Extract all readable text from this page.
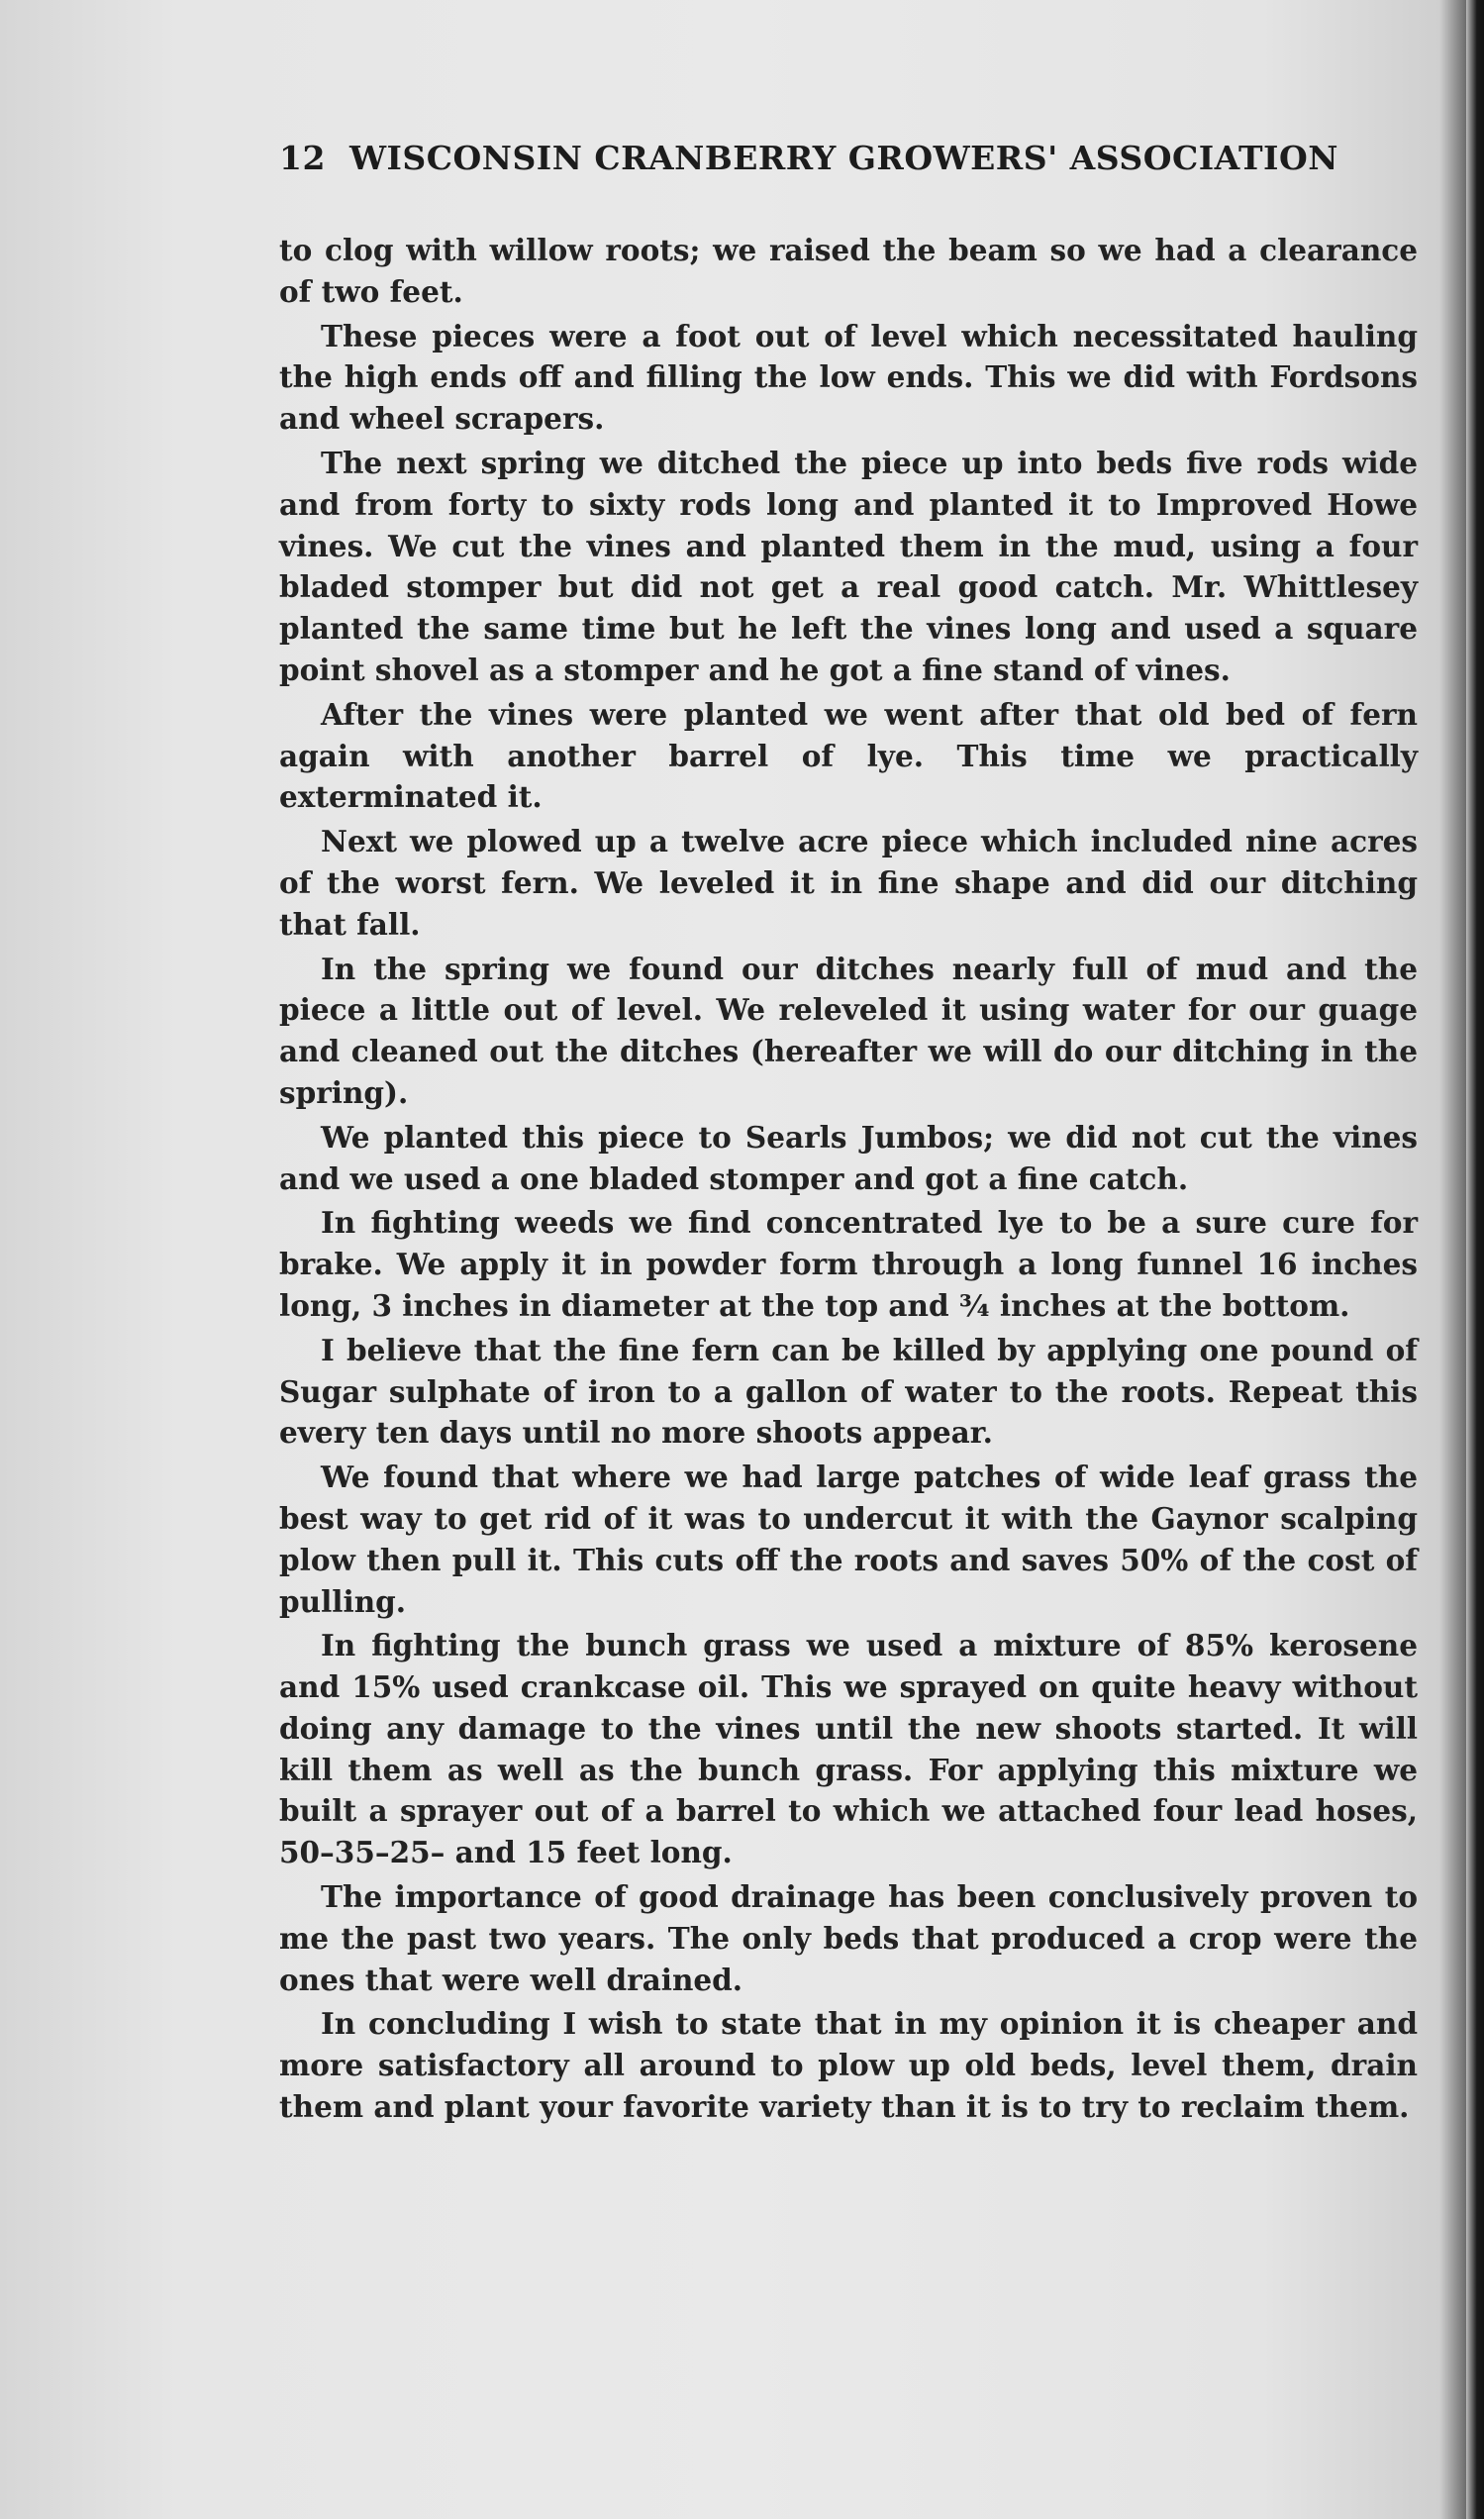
12 WISCONSIN CRANBERRY GROWERS' ASSOCIATION

to clog with willow roots; we raised the beam so we had a clearance of two feet.

These pieces were a foot out of level which necessitated hauling the high ends off and filling the low ends. This we did with Fordsons and wheel scrapers.

The next spring we ditched the piece up into beds five rods wide and from forty to sixty rods long and planted it to Improved Howe vines. We cut the vines and planted them in the mud, using a four bladed stomper but did not get a real good catch. Mr. Whittlesey planted the same time but he left the vines long and used a square point shovel as a stomper and he got a fine stand of vines.

After the vines were planted we went after that old bed of fern again with another barrel of lye. This time we practically exterminated it.

Next we plowed up a twelve acre piece which included nine acres of the worst fern. We leveled it in fine shape and did our ditching that fall.

In the spring we found our ditches nearly full of mud and the piece a little out of level. We releveled it using water for our guage and cleaned out the ditches (hereafter we will do our ditching in the spring).

We planted this piece to Searls Jumbos; we did not cut the vines and we used a one bladed stomper and got a fine catch.

In fighting weeds we find concentrated lye to be a sure cure for brake. We apply it in powder form through a long funnel 16 inches long, 3 inches in diameter at the top and ¾ inches at the bottom.

I believe that the fine fern can be killed by applying one pound of Sugar sulphate of iron to a gallon of water to the roots. Repeat this every ten days until no more shoots appear.

We found that where we had large patches of wide leaf grass the best way to get rid of it was to undercut it with the Gaynor scalping plow then pull it. This cuts off the roots and saves 50% of the cost of pulling.

In fighting the bunch grass we used a mixture of 85% kerosene and 15% used crankcase oil. This we sprayed on quite heavy without doing any damage to the vines until the new shoots started. It will kill them as well as the bunch grass. For applying this mixture we built a sprayer out of a barrel to which we attached four lead hoses, 50–35–25– and 15 feet long.

The importance of good drainage has been conclusively proven to me the past two years. The only beds that produced a crop were the ones that were well drained.

In concluding I wish to state that in my opinion it is cheaper and more satisfactory all around to plow up old beds, level them, drain them and plant your favorite variety than it is to try to reclaim them.
